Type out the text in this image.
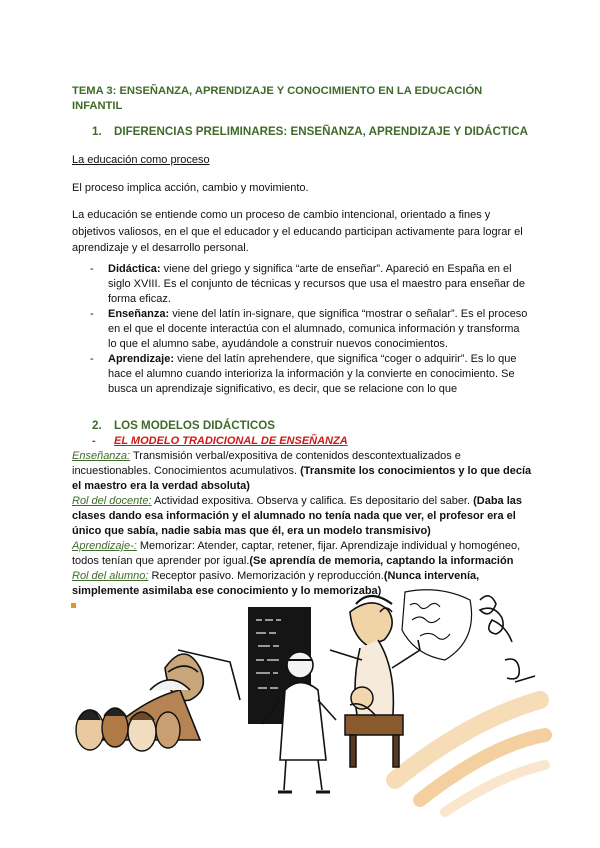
TEMA 3: ENSEÑANZA, APRENDIZAJE Y CONOCIMIENTO EN LA EDUCACIÓN INFANTIL
1. DIFERENCIAS PRELIMINARES: ENSEÑANZA, APRENDIZAJE Y DIDÁCTICA
La educación como proceso
El proceso implica acción, cambio y movimiento.
La educación se entiende como un proceso de cambio intencional, orientado a fines y objetivos valiosos, en el que el educador y el educando participan activamente para lograr el aprendizaje y el desarrollo personal.
- Didáctica: viene del griego y significa “arte de enseñar”. Apareció en España en el siglo XVIII. Es el conjunto de técnicas y recursos que usa el maestro para enseñar de forma eficaz.
- Enseñanza: viene del latín in-signare, que significa “mostrar o señalar”. Es el proceso en el que el docente interactúa con el alumnado, comunica información y transforma lo que el alumno sabe, ayudándole a construir nuevos conocimientos.
- Aprendizaje: viene del latín aprehendere, que significa “coger o adquirir”. Es lo que hace el alumno cuando interioriza la información y la convierte en conocimiento. Se busca un aprendizaje significativo, es decir, que se relacione con lo que
2. LOS MODELOS DIDÁCTICOS
- EL MODELO TRADICIONAL DE ENSEÑANZA
Enseñanza: Transmisión verbal/expositiva de contenidos descontextualizados e incuestionables. Conocimientos acumulativos. (Transmite los conocimientos y lo que decía el maestro era la verdad absoluta)
Rol del docente: Actividad expositiva. Observa y califica. Es depositario del saber. (Daba las clases dando esa información y el alumnado no tenía nada que ver, el profesor era el único que sabía, nadie sabia mas que él, era un modelo transmisivo)
Aprendizaje-: Memorizar: Atender, captar, retener, fijar. Aprendizaje individual y homogéneo, todos tenían que aprender por igual.(Se aprendía de memoria, captando la información
Rol del alumno: Receptor pasivo. Memorización y reproducción.(Nunca intervenía, simplemente asimilaba ese conocimiento y lo memorizaba)
